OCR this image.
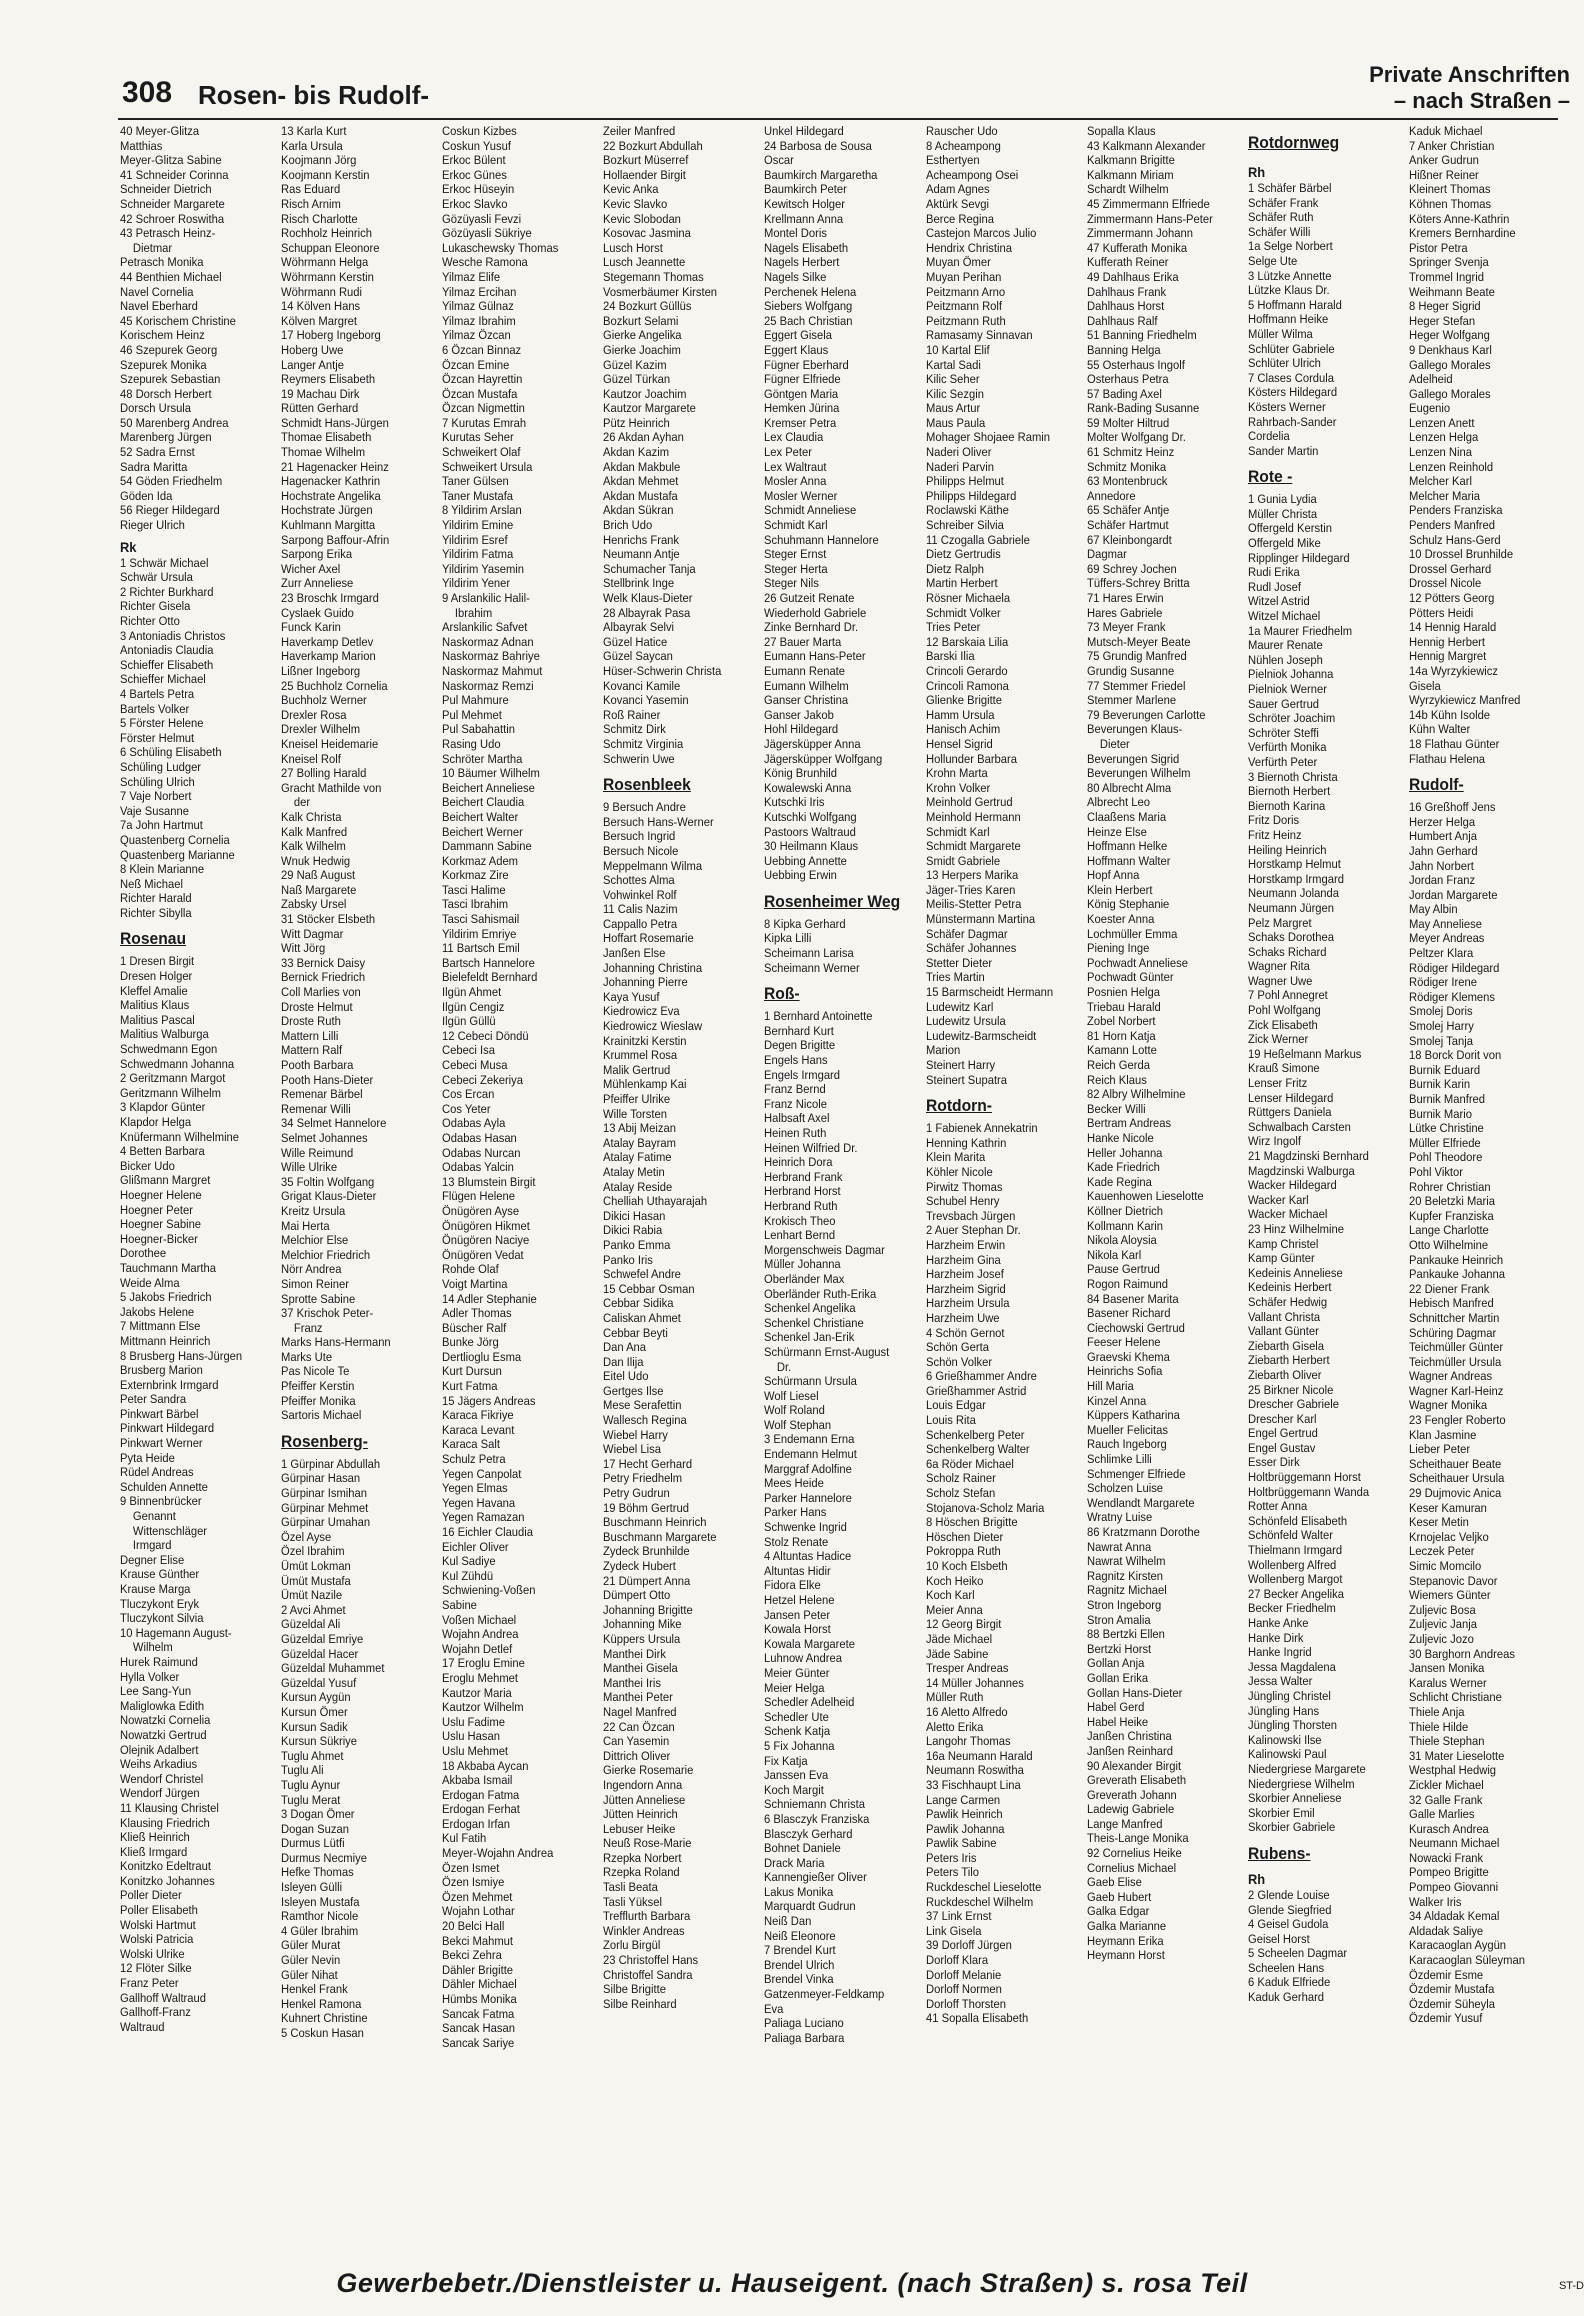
308 Rosen- bis Rudolf-
Private Anschriften
– nach Straßen –
40 Meyer-Glitza
Matthias
Meyer-Glitza Sabine
41 Schneider Corinna
Schneider Dietrich
Schneider Margarete
42 Schroer Roswitha
43 Petrasch Heinz-
Dietmar
Petrasch Monika
44 Benthien Michael
Navel Cornelia
Navel Eberhard
45 Korischem Christine
Korischem Heinz
46 Szepurek Georg
Szepurek Monika
Szepurek Sebastian
48 Dorsch Herbert
Dorsch Ursula
50 Marenberg Andrea
Marenberg Jürgen
52 Sadra Ernst
Sadra Maritta
54 Göden Friedhelm
Göden Ida
56 Rieger Hildegard
Rieger Ulrich
Rk
1 Schwär Michael
Schwär Ursula
2 Richter Burkhard
Richter Gisela
Richter Otto
3 Antoniadis Christos
Antoniadis Claudia
Schieffer Elisabeth
Schieffer Michael
4 Bartels Petra
Bartels Volker
5 Förster Helene
Förster Helmut
6 Schüling Elisabeth
Schüling Ludger
Schüling Ulrich
7 Vaje Norbert
Vaje Susanne
7a John Hartmut
Quastenberg Cornelia
Quastenberg Marianne
8 Klein Marianne
Neß Michael
Richter Harald
Richter Sibylla
Rosenau
1 Dresen Birgit
Dresen Holger
Kleffel Amalie
Malitius Klaus
Malitius Pascal
Malitius Walburga
Schwedmann Egon
Schwedmann Johanna
2 Geritzmann Margot
Geritzmann Wilhelm
3 Klapdor Günter
Klapdor Helga
Knüfermann Wilhelmine
4 Betten Barbara
Bicker Udo
Glißmann Margret
Hoegner Helene
Hoegner Peter
Hoegner Sabine
Hoegner-Bicker
Dorothee
Tauchmann Martha
Weide Alma
5 Jakobs Friedrich
Jakobs Helene
7 Mittmann Else
Mittmann Heinrich
8 Brusberg Hans-Jürgen
Brusberg Marion
Externbrink Irmgard
Peter Sandra
Pinkwart Bärbel
Pinkwart Hildegard
Pinkwart Werner
Pyta Heide
Rüdel Andreas
Schulden Annette
9 Binnenbrücker
Genannt
Wittenschläger
Irmgard
Degner Elise
Krause Günther
Krause Marga
Tluczykont Eryk
Tluczykont Silvia
10 Hagemann August-
Wilhelm
Hurek Raimund
Hylla Volker
Lee Sang-Yun
Maliglowka Edith
Nowatzki Cornelia
Nowatzki Gertrud
Olejnik Adalbert
Weihs Arkadius
Wendorf Christel
Wendorf Jürgen
11 Klausing Christel
Klausing Friedrich
Kließ Heinrich
Kließ Irmgard
Konitzko Edeltraut
Konitzko Johannes
Poller Dieter
Poller Elisabeth
Wolski Hartmut
Wolski Patricia
Wolski Ulrike
12 Flöter Silke
Franz Peter
Gallhoff Waltraud
Gallhoff-Franz
Waltraud
13 Karla Kurt
Karla Ursula
Koojmann Jörg
Koojmann Kerstin
Ras Eduard
Risch Arnim
Risch Charlotte
Rochholz Heinrich
Schuppan Eleonore
Wöhrmann Helga
Wöhrmann Kerstin
Wöhrmann Rudi
14 Kölven Hans
Kölven Margret
17 Hoberg Ingeborg
Hoberg Uwe
Langer Antje
Reymers Elisabeth
19 Machau Dirk
Rütten Gerhard
Schmidt Hans-Jürgen
Thomae Elisabeth
Thomae Wilhelm
21 Hagenacker Heinz
Hagenacker Kathrin
Hochstrate Angelika
Hochstrate Jürgen
Kuhlmann Margitta
Sarpong Baffour-Afrin
Sarpong Erika
Wicher Axel
Zurr Anneliese
23 Broschk Irmgard
Cyslaek Guido
Funck Karin
Haverkamp Detlev
Haverkamp Marion
Lißner Ingeborg
25 Buchholz Cornelia
Buchholz Werner
Drexler Rosa
Drexler Wilhelm
Kneisel Heidemarie
Kneisel Rolf
27 Bolling Harald
Gracht Mathilde von
der
Kalk Christa
Kalk Manfred
Kalk Wilhelm
Wnuk Hedwig
29 Naß August
Naß Margarete
Zabsky Ursel
31 Stöcker Elsbeth
Witt Dagmar
Witt Jörg
33 Bernick Daisy
Bernick Friedrich
Coll Marlies von
Droste Helmut
Droste Ruth
Mattern Lilli
Mattern Ralf
Pooth Barbara
Pooth Hans-Dieter
Remenar Bärbel
Remenar Willi
34 Selmet Hannelore
Selmet Johannes
Wille Reimund
Wille Ulrike
35 Foltin Wolfgang
Grigat Klaus-Dieter
Kreitz Ursula
Mai Herta
Melchior Else
Melchior Friedrich
Nörr Andrea
Simon Reiner
Sprotte Sabine
37 Krischok Peter-
Franz
Marks Hans-Hermann
Marks Ute
Pas Nicole Te
Pfeiffer Kerstin
Pfeiffer Monika
Sartoris Michael
Rosenberg-
1 Gürpinar Abdullah
Gürpinar Hasan
Gürpinar Ismihan
Gürpinar Mehmet
Gürpinar Umahan
Özel Ayse
Özel Ibrahim
Ümüt Lokman
Ümüt Mustafa
Ümüt Nazile
2 Avci Ahmet
Güzeldal Ali
Güzeldal Emriye
Güzeldal Hacer
Güzeldal Muhammet
Güzeldal Yusuf
Kursun Aygün
Kursun Ömer
Kursun Sadik
Kursun Sükriye
Tuglu Ahmet
Tuglu Ali
Tuglu Aynur
Tuglu Merat
3 Dogan Ömer
Dogan Suzan
Durmus Lütfi
Durmus Necmiye
Hefke Thomas
Isleyen Gülli
Isleyen Mustafa
Ramthor Nicole
4 Güler Ibrahim
Güler Murat
Güler Nevin
Güler Nihat
Henkel Frank
Henkel Ramona
Kuhnert Christine
5 Coskun Hasan
Coskun Kizbes
Coskun Yusuf
Erkoc Bülent
Erkoc Günes
Erkoc Hüseyin
Erkoc Slavko
Gözüyasli Fevzi
Gözüyasli Sükriye
Lukaschewsky Thomas
Wesche Ramona
Yilmaz Elife
Yilmaz Ercihan
Yilmaz Gülnaz
Yilmaz Ibrahim
Yilmaz Özcan
6 Özcan Binnaz
Özcan Emine
Özcan Hayrettin
Özcan Mustafa
Özcan Nigmettin
7 Kurutas Emrah
Kurutas Seher
Schweikert Olaf
Schweikert Ursula
Taner Gülsen
Taner Mustafa
8 Yildirim Arslan
Yildirim Emine
Yildirim Esref
Yildirim Fatma
Yildirim Yasemin
Yildirim Yener
9 Arslankilic Halil-
Ibrahim
Arslankilic Safvet
Naskormaz Adnan
Naskormaz Bahriye
Naskormaz Mahmut
Naskormaz Remzi
Pul Mahmure
Pul Mehmet
Pul Sabahattin
Rasing Udo
Schröter Martha
10 Bäumer Wilhelm
Beichert Anneliese
Beichert Claudia
Beichert Walter
Beichert Werner
Dammann Sabine
Korkmaz Adem
Korkmaz Zire
Tasci Halime
Tasci Ibrahim
Tasci Sahismail
Yildirim Emriye
11 Bartsch Emil
Bartsch Hannelore
Bielefeldt Bernhard
Ilgün Ahmet
Ilgün Cengiz
Ilgün Güllü
12 Cebeci Döndü
Cebeci Isa
Cebeci Musa
Cebeci Zekeriya
Cos Ercan
Cos Yeter
Odabas Ayla
Odabas Hasan
Odabas Nurcan
Odabas Yalcin
13 Blumstein Birgit
Flügen Helene
Önügören Ayse
Önügören Hikmet
Önügören Naciye
Önügören Vedat
Rohde Olaf
Voigt Martina
14 Adler Stephanie
Adler Thomas
Büscher Ralf
Bunke Jörg
Dertlioglu Esma
Kurt Dursun
Kurt Fatma
15 Jägers Andreas
Karaca Fikriye
Karaca Levant
Karaca Salt
Schulz Petra
Yegen Canpolat
Yegen Elmas
Yegen Havana
Yegen Ramazan
16 Eichler Claudia
Eichler Oliver
Kul Sadiye
Kul Zühdü
Schwiening-Voßen
Sabine
Voßen Michael
Wojahn Andrea
Wojahn Detlef
17 Eroglu Emine
Eroglu Mehmet
Kautzor Maria
Kautzor Wilhelm
Uslu Fadime
Uslu Hasan
Uslu Mehmet
18 Akbaba Aycan
Akbaba Ismail
Erdogan Fatma
Erdogan Ferhat
Erdogan Irfan
Kul Fatih
Meyer-Wojahn Andrea
Özen Ismet
Özen Ismiye
Özen Mehmet
Wojahn Lothar
20 Belci Hall
Bekci Mahmut
Bekci Zehra
Dähler Brigitte
Dähler Michael
Hümbs Monika
Sancak Fatma
Sancak Hasan
Sancak Sariye
Zeiler Manfred
22 Bozkurt Abdullah
Bozkurt Müserref
Hollaender Birgit
Kevic Anka
Kevic Slavko
Kevic Slobodan
Kosovac Jasmina
Lusch Horst
Lusch Jeannette
Stegemann Thomas
Vosmerbäumer Kirsten
24 Bozkurt Güllüs
Bozkurt Selami
Gierke Angelika
Gierke Joachim
Güzel Kazim
Güzel Türkan
Kautzor Joachim
Kautzor Margarete
Pütz Heinrich
26 Akdan Ayhan
Akdan Kazim
Akdan Makbule
Akdan Mehmet
Akdan Mustafa
Akdan Sükran
Brich Udo
Henrichs Frank
Neumann Antje
Schumacher Tanja
Stellbrink Inge
Welk Klaus-Dieter
28 Albayrak Pasa
Albayrak Selvi
Güzel Hatice
Güzel Saycan
Hüser-Schwerin Christa
Kovanci Kamile
Kovanci Yasemin
Roß Rainer
Schmitz Dirk
Schmitz Virginia
Schwerin Uwe
Rosenbleek
9 Bersuch Andre
Bersuch Hans-Werner
Bersuch Ingrid
Bersuch Nicole
Meppelmann Wilma
Schottes Alma
Vohwinkel Rolf
11 Calis Nazim
Cappallo Petra
Hoffart Rosemarie
Janßen Else
Johanning Christina
Johanning Pierre
Kaya Yusuf
Kiedrowicz Eva
Kiedrowicz Wieslaw
Krainitzki Kerstin
Krummel Rosa
Malik Gertrud
Mühlenkamp Kai
Pfeiffer Ulrike
Wille Torsten
13 Abij Meizan
Atalay Bayram
Atalay Fatime
Atalay Metin
Atalay Reside
Chelliah Uthayarajah
Dikici Hasan
Dikici Rabia
Panko Emma
Panko Iris
Schwefel Andre
15 Cebbar Osman
Cebbar Sidika
Caliskan Ahmet
Cebbar Beyti
Dan Ana
Dan Ilija
Eitel Udo
Gertges Ilse
Mese Serafettin
Wallesch Regina
Wiebel Harry
Wiebel Lisa
17 Hecht Gerhard
Petry Friedhelm
Petry Gudrun
19 Böhm Gertrud
Buschmann Heinrich
Buschmann Margarete
Zydeck Brunhilde
Zydeck Hubert
21 Dümpert Anna
Dümpert Otto
Johanning Brigitte
Johanning Mike
Küppers Ursula
Manthei Dirk
Manthei Gisela
Manthei Iris
Manthei Peter
Nagel Manfred
22 Can Özcan
Can Yasemin
Dittrich Oliver
Gierke Rosemarie
Ingendorn Anna
Jütten Anneliese
Jütten Heinrich
Lebuser Heike
Neuß Rose-Marie
Rzepka Norbert
Rzepka Roland
Tasli Beata
Tasli Yüksel
Trefflurth Barbara
Winkler Andreas
Zorlu Birgül
23 Christoffel Hans
Christoffel Sandra
Silbe Brigitte
Silbe Reinhard
Unkel Hildegard
24 Barbosa de Sousa
Oscar
Baumkirch Margaretha
Baumkirch Peter
Kewitsch Holger
Krellmann Anna
Montel Doris
Nagels Elisabeth
Nagels Herbert
Nagels Silke
Perchenek Helena
Siebers Wolfgang
25 Bach Christian
Eggert Gisela
Eggert Klaus
Fügner Eberhard
Fügner Elfriede
Göntgen Maria
Hemken Jürina
Kremser Petra
Lex Claudia
Lex Peter
Lex Waltraut
Mosler Anna
Mosler Werner
Schmidt Anneliese
Schmidt Karl
Schuhmann Hannelore
Steger Ernst
Steger Herta
Steger Nils
26 Gutzeit Renate
Wiederhold Gabriele
Zinke Bernhard Dr.
27 Bauer Marta
Eumann Hans-Peter
Eumann Renate
Eumann Wilhelm
Ganser Christina
Ganser Jakob
Hohl Hildegard
Jägersküpper Anna
Jägersküpper Wolfgang
König Brunhild
Kowalewski Anna
Kutschki Iris
Kutschki Wolfgang
Pastoors Waltraud
30 Heilmann Klaus
Uebbing Annette
Uebbing Erwin
Rosenheimer Weg
8 Kipka Gerhard
Kipka Lilli
Scheimann Larisa
Scheimann Werner
Roß-
1 Bernhard Antoinette
Bernhard Kurt
Degen Brigitte
Engels Hans
Engels Irmgard
Franz Bernd
Franz Nicole
Halbsaft Axel
Heinen Ruth
Heinen Wilfried Dr.
Heinrich Dora
Herbrand Frank
Herbrand Horst
Herbrand Ruth
Krokisch Theo
Lenhart Bernd
Morgenschweis Dagmar
Müller Johanna
Oberländer Max
Oberländer Ruth-Erika
Schenkel Angelika
Schenkel Christiane
Schenkel Jan-Erik
Schürmann Ernst-August
Dr.
Schürmann Ursula
Wolf Liesel
Wolf Roland
Wolf Stephan
3 Endemann Erna
Endemann Helmut
Marggraf Adolfine
Mees Heide
Parker Hannelore
Parker Hans
Schwenke Ingrid
Stolz Renate
4 Altuntas Hadice
Altuntas Hidir
Fidora Elke
Hetzel Helene
Jansen Peter
Kowala Horst
Kowala Margarete
Luhnow Andrea
Meier Günter
Meier Helga
Schedler Adelheid
Schedler Ute
Schenk Katja
5 Fix Johanna
Fix Katja
Janssen Eva
Koch Margit
Schniemann Christa
6 Blasczyk Franziska
Blasczyk Gerhard
Bohnet Daniele
Drack Maria
Kannengießer Oliver
Lakus Monika
Marquardt Gudrun
Neiß Dan
Neiß Eleonore
7 Brendel Kurt
Brendel Ulrich
Brendel Vinka
Gatzenmeyer-Feldkamp
Eva
Paliaga Luciano
Paliaga Barbara
Rauscher Udo
8 Acheampong
Esthertyen
Acheampong Osei
Adam Agnes
Aktürk Sevgi
Berce Regina
Castejon Marcos Julio
Hendrix Christina
Muyan Ömer
Muyan Perihan
Peitzmann Arno
Peitzmann Rolf
Peitzmann Ruth
Ramasamy Sinnavan
10 Kartal Elif
Kartal Sadi
Kilic Seher
Kilic Sezgin
Maus Artur
Maus Paula
Mohager Shojaee Ramin
Naderi Oliver
Naderi Parvin
Philipps Helmut
Philipps Hildegard
Roclawski Käthe
Schreiber Silvia
11 Czogalla Gabriele
Dietz Gertrudis
Dietz Ralph
Martin Herbert
Rösner Michaela
Schmidt Volker
Tries Peter
12 Barskaia Lilia
Barski Ilia
Crincoli Gerardo
Crincoli Ramona
Glienke Brigitte
Hamm Ursula
Hanisch Achim
Hensel Sigrid
Hollunder Barbara
Krohn Marta
Krohn Volker
Meinhold Gertrud
Meinhold Hermann
Schmidt Karl
Schmidt Margarete
Smidt Gabriele
13 Herpers Marika
Jäger-Tries Karen
Meilis-Stetter Petra
Münstermann Martina
Schäfer Dagmar
Schäfer Johannes
Stetter Dieter
Tries Martin
15 Barmscheidt Hermann
Ludewitz Karl
Ludewitz Ursula
Ludewitz-Barmscheidt
Marion
Steinert Harry
Steinert Supatra
Rotdorn-
1 Fabienek Annekatrin
Henning Kathrin
Klein Marita
Köhler Nicole
Pirwitz Thomas
Schubel Henry
Trevsbach Jürgen
2 Auer Stephan Dr.
Harzheim Erwin
Harzheim Gina
Harzheim Josef
Harzheim Sigrid
Harzheim Ursula
Harzheim Uwe
4 Schön Gernot
Schön Gerta
Schön Volker
6 Grießhammer Andre
Grießhammer Astrid
Louis Edgar
Louis Rita
Schenkelberg Peter
Schenkelberg Walter
6a Röder Michael
Scholz Rainer
Scholz Stefan
Stojanova-Scholz Maria
8 Höschen Brigitte
Höschen Dieter
Pokroppa Ruth
10 Koch Elsbeth
Koch Heiko
Koch Karl
Meier Anna
12 Georg Birgit
Jäde Michael
Jäde Sabine
Tresper Andreas
14 Müller Johannes
Müller Ruth
16 Aletto Alfredo
Aletto Erika
Langohr Thomas
16a Neumann Harald
Neumann Roswitha
33 Fischhaupt Lina
Lange Carmen
Pawlik Heinrich
Pawlik Johanna
Pawlik Sabine
Peters Iris
Peters Tilo
Ruckdeschel Lieselotte
Ruckdeschel Wilhelm
37 Link Ernst
Link Gisela
39 Dorloff Jürgen
Dorloff Klara
Dorloff Melanie
Dorloff Normen
Dorloff Thorsten
41 Sopalla Elisabeth
Sopalla Klaus
43 Kalkmann Alexander
Kalkmann Brigitte
Kalkmann Miriam
Schardt Wilhelm
45 Zimmermann Elfriede
Zimmermann Hans-Peter
Zimmermann Johann
47 Kufferath Monika
Kufferath Reiner
49 Dahlhaus Erika
Dahlhaus Frank
Dahlhaus Horst
Dahlhaus Ralf
51 Banning Friedhelm
Banning Helga
55 Osterhaus Ingolf
Osterhaus Petra
57 Bading Axel
Rank-Bading Susanne
59 Molter Hiltrud
Molter Wolfgang Dr.
61 Schmitz Heinz
Schmitz Monika
63 Montenbruck
Annedore
65 Schäfer Antje
Schäfer Hartmut
67 Kleinbongardt
Dagmar
69 Schrey Jochen
Tüffers-Schrey Britta
71 Hares Erwin
Hares Gabriele
73 Meyer Frank
Mutsch-Meyer Beate
75 Grundig Manfred
Grundig Susanne
77 Stemmer Friedel
Stemmer Marlene
79 Beverungen Carlotte
Beverungen Klaus-
Dieter
Beverungen Sigrid
Beverungen Wilhelm
80 Albrecht Alma
Albrecht Leo
Claaßens Maria
Heinze Else
Hoffmann Helke
Hoffmann Walter
Hopf Anna
Klein Herbert
König Stephanie
Koester Anna
Lochmüller Emma
Piening Inge
Pochwadt Anneliese
Pochwadt Günter
Posnien Helga
Triebau Harald
Zobel Norbert
81 Horn Katja
Kamann Lotte
Reich Gerda
Reich Klaus
82 Albry Wilhelmine
Becker Willi
Bertram Andreas
Hanke Nicole
Heller Johanna
Kade Friedrich
Kade Regina
Kauenhowen Lieselotte
Köllner Dietrich
Kollmann Karin
Nikola Aloysia
Nikola Karl
Pause Gertrud
Rogon Raimund
84 Basener Marita
Basener Richard
Ciechowski Gertrud
Feeser Helene
Graevski Khema
Heinrichs Sofia
Hill Maria
Kinzel Anna
Küppers Katharina
Mueller Felicitas
Rauch Ingeborg
Schlimke Lilli
Schmenger Elfriede
Scholzen Luise
Wendlandt Margarete
Wratny Luise
86 Kratzmann Dorothe
Nawrat Anna
Nawrat Wilhelm
Ragnitz Kirsten
Ragnitz Michael
Stron Ingeborg
Stron Amalia
88 Bertzki Ellen
Bertzki Horst
Gollan Anja
Gollan Erika
Gollan Hans-Dieter
Habel Gerd
Habel Heike
Janßen Christina
Janßen Reinhard
90 Alexander Birgit
Greverath Elisabeth
Greverath Johann
Ladewig Gabriele
Lange Manfred
Theis-Lange Monika
92 Cornelius Heike
Cornelius Michael
Gaeb Elise
Gaeb Hubert
Galka Edgar
Galka Marianne
Heymann Erika
Heymann Horst
Rotdornweg
Rh
1 Schäfer Bärbel
Schäfer Frank
Schäfer Ruth
Schäfer Willi
1a Selge Norbert
Selge Ute
3 Lützke Annette
Lützke Klaus Dr.
5 Hoffmann Harald
Hoffmann Heike
Müller Wilma
Schlüter Gabriele
Schlüter Ulrich
7 Clases Cordula
Kösters Hildegard
Kösters Werner
Rahrbach-Sander
Cordelia
Sander Martin
Rote -
1 Gunia Lydia
Müller Christa
Offergeld Kerstin
Offergeld Mike
Ripplinger Hildegard
Rudi Erika
Rudl Josef
Witzel Astrid
Witzel Michael
1a Maurer Friedhelm
Maurer Renate
Nühlen Joseph
Pielniok Johanna
Pielniok Werner
Sauer Gertrud
Schröter Joachim
Schröter Steffi
Verfürth Monika
Verfürth Peter
3 Biernoth Christa
Biernoth Herbert
Biernoth Karina
Fritz Doris
Fritz Heinz
Heiling Heinrich
Horstkamp Helmut
Horstkamp Irmgard
Neumann Jolanda
Neumann Jürgen
Pelz Margret
Schaks Dorothea
Schaks Richard
Wagner Rita
Wagner Uwe
7 Pohl Annegret
Pohl Wolfgang
Zick Elisabeth
Zick Werner
19 Heßelmann Markus
Krauß Simone
Lenser Fritz
Lenser Hildegard
Rüttgers Daniela
Schwalbach Carsten
Wirz Ingolf
21 Magdzinski Bernhard
Magdzinski Walburga
Wacker Hildegard
Wacker Karl
Wacker Michael
23 Hinz Wilhelmine
Kamp Christel
Kamp Günter
Kedeinis Anneliese
Kedeinis Herbert
Schäfer Hedwig
Vallant Christa
Vallant Günter
Ziebarth Gisela
Ziebarth Herbert
Ziebarth Oliver
25 Birkner Nicole
Drescher Gabriele
Drescher Karl
Engel Gertrud
Engel Gustav
Esser Dirk
Holtbrüggemann Horst
Holtbrüggemann Wanda
Rotter Anna
Schönfeld Elisabeth
Schönfeld Walter
Thielmann Irmgard
Wollenberg Alfred
Wollenberg Margot
27 Becker Angelika
Becker Friedhelm
Hanke Anke
Hanke Dirk
Hanke Ingrid
Jessa Magdalena
Jessa Walter
Jüngling Christel
Jüngling Hans
Jüngling Thorsten
Kalinowski Ilse
Kalinowski Paul
Niedergriese Margarete
Niedergriese Wilhelm
Skorbier Anneliese
Skorbier Emil
Skorbier Gabriele
Rubens-
Rh
2 Glende Louise
Glende Siegfried
4 Geisel Gudola
Geisel Horst
5 Scheelen Dagmar
Scheelen Hans
6 Kaduk Elfriede
Kaduk Gerhard
Kaduk Michael
7 Anker Christian
Anker Gudrun
Hißner Reiner
Kleinert Thomas
Köhnen Thomas
Köters Anne-Kathrin
Kremers Bernhardine
Pistor Petra
Springer Svenja
Trommel Ingrid
Weihmann Beate
8 Heger Sigrid
Heger Stefan
Heger Wolfgang
9 Denkhaus Karl
Gallego Morales
Adelheid
Gallego Morales
Eugenio
Lenzen Anett
Lenzen Helga
Lenzen Nina
Lenzen Reinhold
Melcher Karl
Melcher Maria
Penders Franziska
Penders Manfred
Schulz Hans-Gerd
10 Drossel Brunhilde
Drossel Gerhard
Drossel Nicole
12 Pötters Georg
Pötters Heidi
14 Hennig Harald
Hennig Herbert
Hennig Margret
14a Wyrzykiewicz
Gisela
Wyrzykiewicz Manfred
14b Kühn Isolde
Kühn Walter
18 Flathau Günter
Flathau Helena
Rudolf-
16 Greßhoff Jens
Herzer Helga
Humbert Anja
Jahn Gerhard
Jahn Norbert
Jordan Franz
Jordan Margarete
May Albin
May Anneliese
Meyer Andreas
Peltzer Klara
Rödiger Hildegard
Rödiger Irene
Rödiger Klemens
Smolej Doris
Smolej Harry
Smolej Tanja
18 Borck Dorit von
Burnik Eduard
Burnik Karin
Burnik Manfred
Burnik Mario
Lütke Christine
Müller Elfriede
Pohl Theodore
Pohl Viktor
Rohrer Christian
20 Beletzki Maria
Kupfer Franziska
Lange Charlotte
Otto Wilhelmine
Pankauke Heinrich
Pankauke Johanna
22 Diener Frank
Hebisch Manfred
Schnittcher Martin
Schüring Dagmar
Teichmüller Günter
Teichmüller Ursula
Wagner Andreas
Wagner Karl-Heinz
Wagner Monika
23 Fengler Roberto
Klan Jasmine
Lieber Peter
Scheithauer Beate
Scheithauer Ursula
29 Dujmovic Anica
Keser Kamuran
Keser Metin
Krnojelac Veljko
Leczek Peter
Simic Momcilo
Stepanovic Davor
Wiemers Günter
Zuljevic Bosa
Zuljevic Janja
Zuljevic Jozo
30 Barghorn Andreas
Jansen Monika
Karalus Werner
Schlicht Christiane
Thiele Anja
Thiele Hilde
Thiele Stephan
31 Mater Lieselotte
Westphal Hedwig
Zickler Michael
32 Galle Frank
Galle Marlies
Kurasch Andrea
Neumann Michael
Nowacki Frank
Pompeo Brigitte
Pompeo Giovanni
Walker Iris
34 Aldadak Kemal
Aldadak Saliye
Karacaoglan Aygün
Karacaoglan Süleyman
Özdemir Esme
Özdemir Mustafa
Özdemir Süheyla
Özdemir Yusuf
Gewerbebetr./Dienstleister u. Hauseigent. (nach Straßen) s. rosa Teil	ST-D
